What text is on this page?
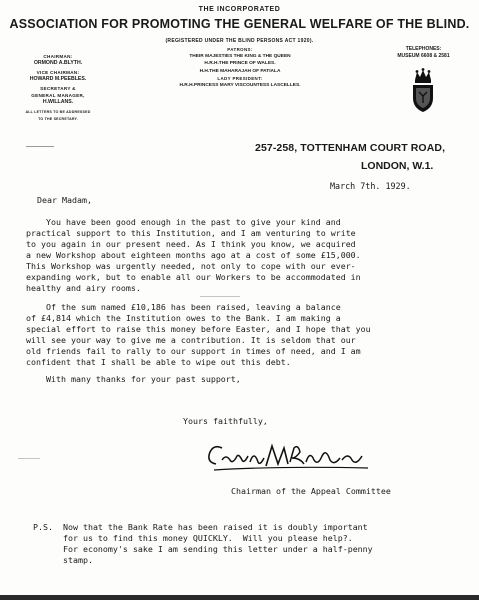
THE INCORPORATED
ASSOCIATION FOR PROMOTING THE GENERAL WELFARE OF THE BLIND.
(REGISTERED UNDER THE BLIND PERSONS ACT 1920).
CHAIRMAN:
ORMOND A.BLYTH.
VICE CHAIRMAN:
HOWARD M.PEEBLES.
SECRETARY &
GENERAL MANAGER,
H.WILLANS.
ALL LETTERS TO BE ADDRESSED
TO THE SECRETARY.
PATRONS:
THEIR MAJESTIES THE KING & THE QUEEN
H.R.H.THE PRINCE OF WALES.
H.H.THE MAHARAJAH OF PATIALA
LADY PRESIDENT:
H.R.H.PRINCESS MARY VISCOUNTESS LASCELLES.
TELEPHONES:
MUSEUM 6608 & 2581
257-258, TOTTENHAM COURT ROAD,
LONDON, W.1.
March 7th. 1929.
Dear Madam,
You have been good enough in the past to give your kind and
practical support to this Institution, and I am venturing to write
to you again in our present need. As I think you know, we acquired
a new Workshop about eighteen months ago at a cost of some £15,000.
This Workshop was urgently needed, not only to cope with our ever-
expanding work, but to enable all our Workers to be accommodated in
healthy and airy rooms.
Of the sum named £10,186 has been raised, leaving a balance
of £4,814 which the Institution owes to the Bank. I am making a
special effort to raise this money before Easter, and I hope that you
will see your way to give me a contribution. It is seldom that our
old friends fail to rally to our support in times of need, and I am
confident that I shall be able to wipe out this debt.
With many thanks for your past support,
Yours faithfully,
Chairman of the Appeal Committee
P.S.  Now that the Bank Rate has been raised it is doubly important
for us to find this money QUICKLY.  Will you please help?.
For economy's sake I am sending this letter under a half-penny
stamp.
